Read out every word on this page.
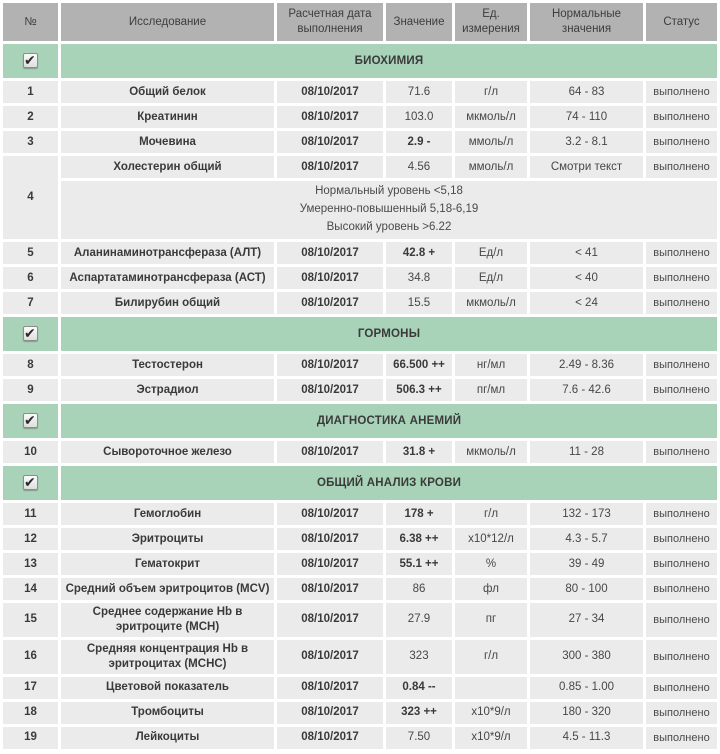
№	Исследование	Расчетная дата выполнения	Значение	Ед. измерения	Нормальные значения	Статус

✔	БИОХИМИЯ					
1	Общий белок	08/10/2017	71.6	г/л	64 - 83	выполнено
2	Креатинин	08/10/2017	103.0	мкмоль/л	74 - 110	выполнено
3	Мочевина	08/10/2017	2.9 -	ммоль/л	3.2 - 8.1	выполнено
4	Холестерин общий	08/10/2017	4.56	ммоль/л	Смотри текст	выполнено

	Нормальный уровень <5,18
Умеренно-повышенный 5,18-6,19
Высокий уровень >6.22					

5	Аланинаминотрансфераза (АЛТ)	08/10/2017	42.8 +	Ед/л	< 41	выполнено
6	Аспартатаминотрансфераза (АСТ)	08/10/2017	34.8	Ед/л	< 40	выполнено
7	Билирубин общий	08/10/2017	15.5	мкмоль/л	< 24	выполнено

✔	ГОРМОНЫ					
8	Тестостерон	08/10/2017	66.500 ++	нг/мл	2.49 - 8.36	выполнено
9	Эстрадиол	08/10/2017	506.3 ++	пг/мл	7.6 - 42.6	выполнено

✔	ДИАГНОСТИКА АНЕМИЙ					
10	Сывороточное железо	08/10/2017	31.8 +	мкмоль/л	11 - 28	выполнено

✔	ОБЩИЙ АНАЛИЗ КРОВИ					
11	Гемоглобин	08/10/2017	178 +	г/л	132 - 173	выполнено
12	Эритроциты	08/10/2017	6.38 ++	x10*12/л	4.3 - 5.7	выполнено
13	Гематокрит	08/10/2017	55.1 ++	%	39 - 49	выполнено
14	Средний объем эритроцитов (MCV)	08/10/2017	86	фл	80 - 100	выполнено
15	Среднее содержание Hb в эритроците (MCH)	08/10/2017	27.9	пг	27 - 34	выполнено
16	Средняя концентрация Hb в эритроцитах (MCHC)	08/10/2017	323	г/л	300 - 380	выполнено
17	Цветовой показатель	08/10/2017	0.84 --		0.85 - 1.00	выполнено
18	Тромбоциты	08/10/2017	323 ++	x10*9/л	180 - 320	выполнено
19	Лейкоциты	08/10/2017	7.50	x10*9/л	4.5 - 11.3	выполнено
